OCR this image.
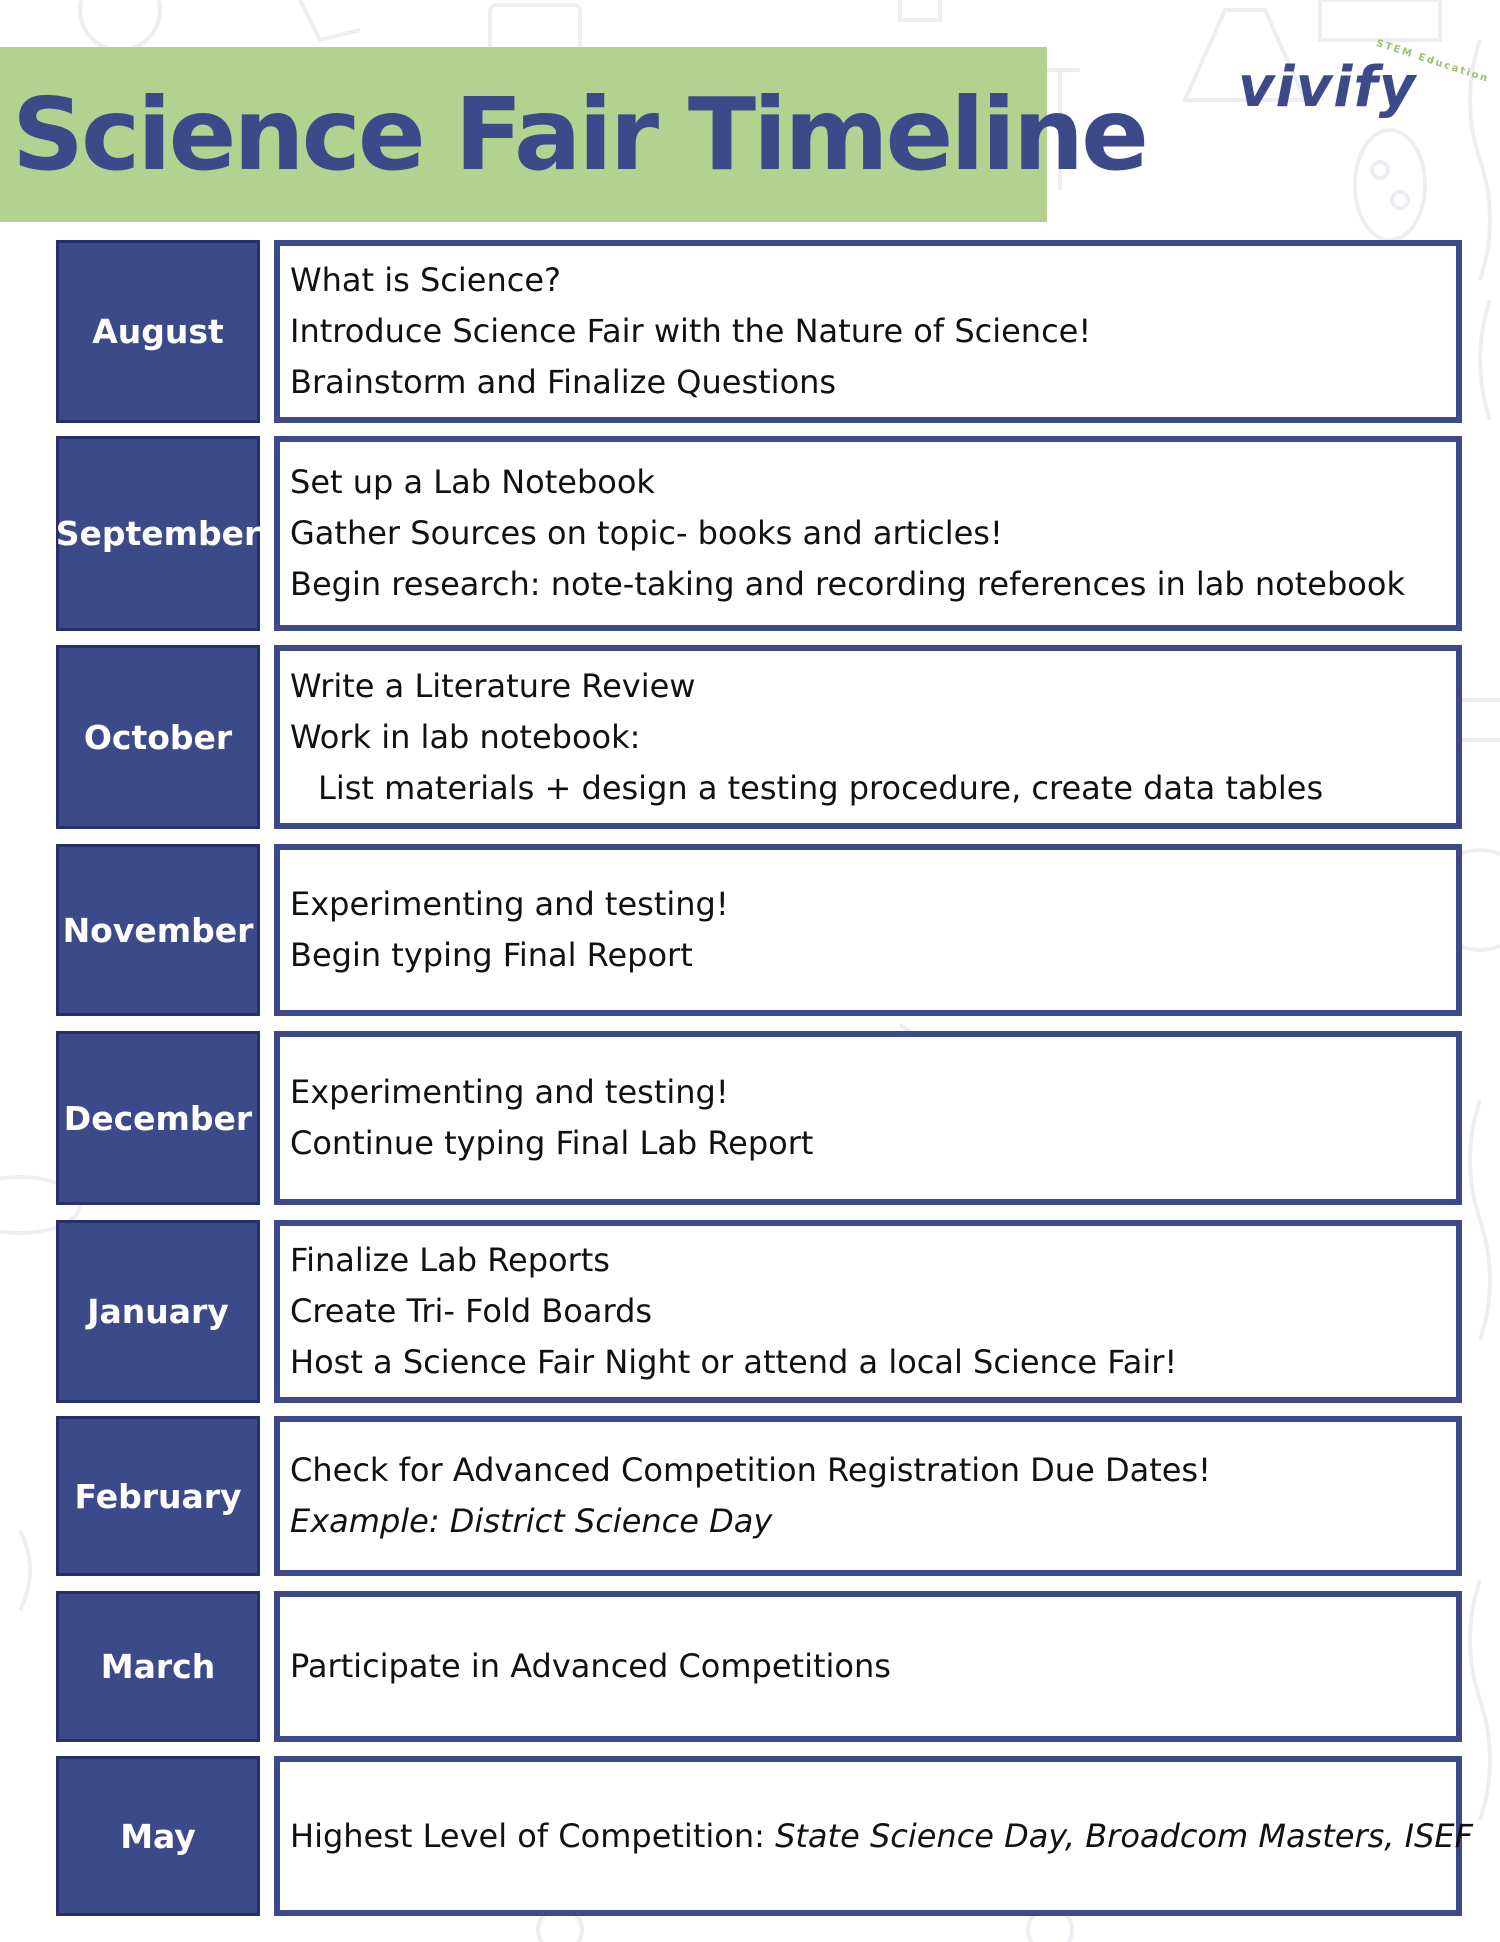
Science Fair Timeline vivify
STEM Education
August
What is Science?
Introduce Science Fair with the Nature of Science!
Brainstorm and Finalize Questions
September
Set up a Lab Notebook
Gather Sources on topic- books and articles!
Begin research: note-taking and recording references in lab notebook
October
Write a Literature Review
Work in lab notebook:
List materials + design a testing procedure, create data tables
November
Experimenting and testing!
Begin typing Final Report
December
Experimenting and testing!
Continue typing Final Lab Report
January
Finalize Lab Reports
Create Tri- Fold Boards
Host a Science Fair Night or attend a local Science Fair!
February
Check for Advanced Competition Registration Due Dates!
Example: District Science Day
March Participate in Advanced Competitions
May	Highest Level of Competition: State Science Day, Broadcom Masters, ISEF
